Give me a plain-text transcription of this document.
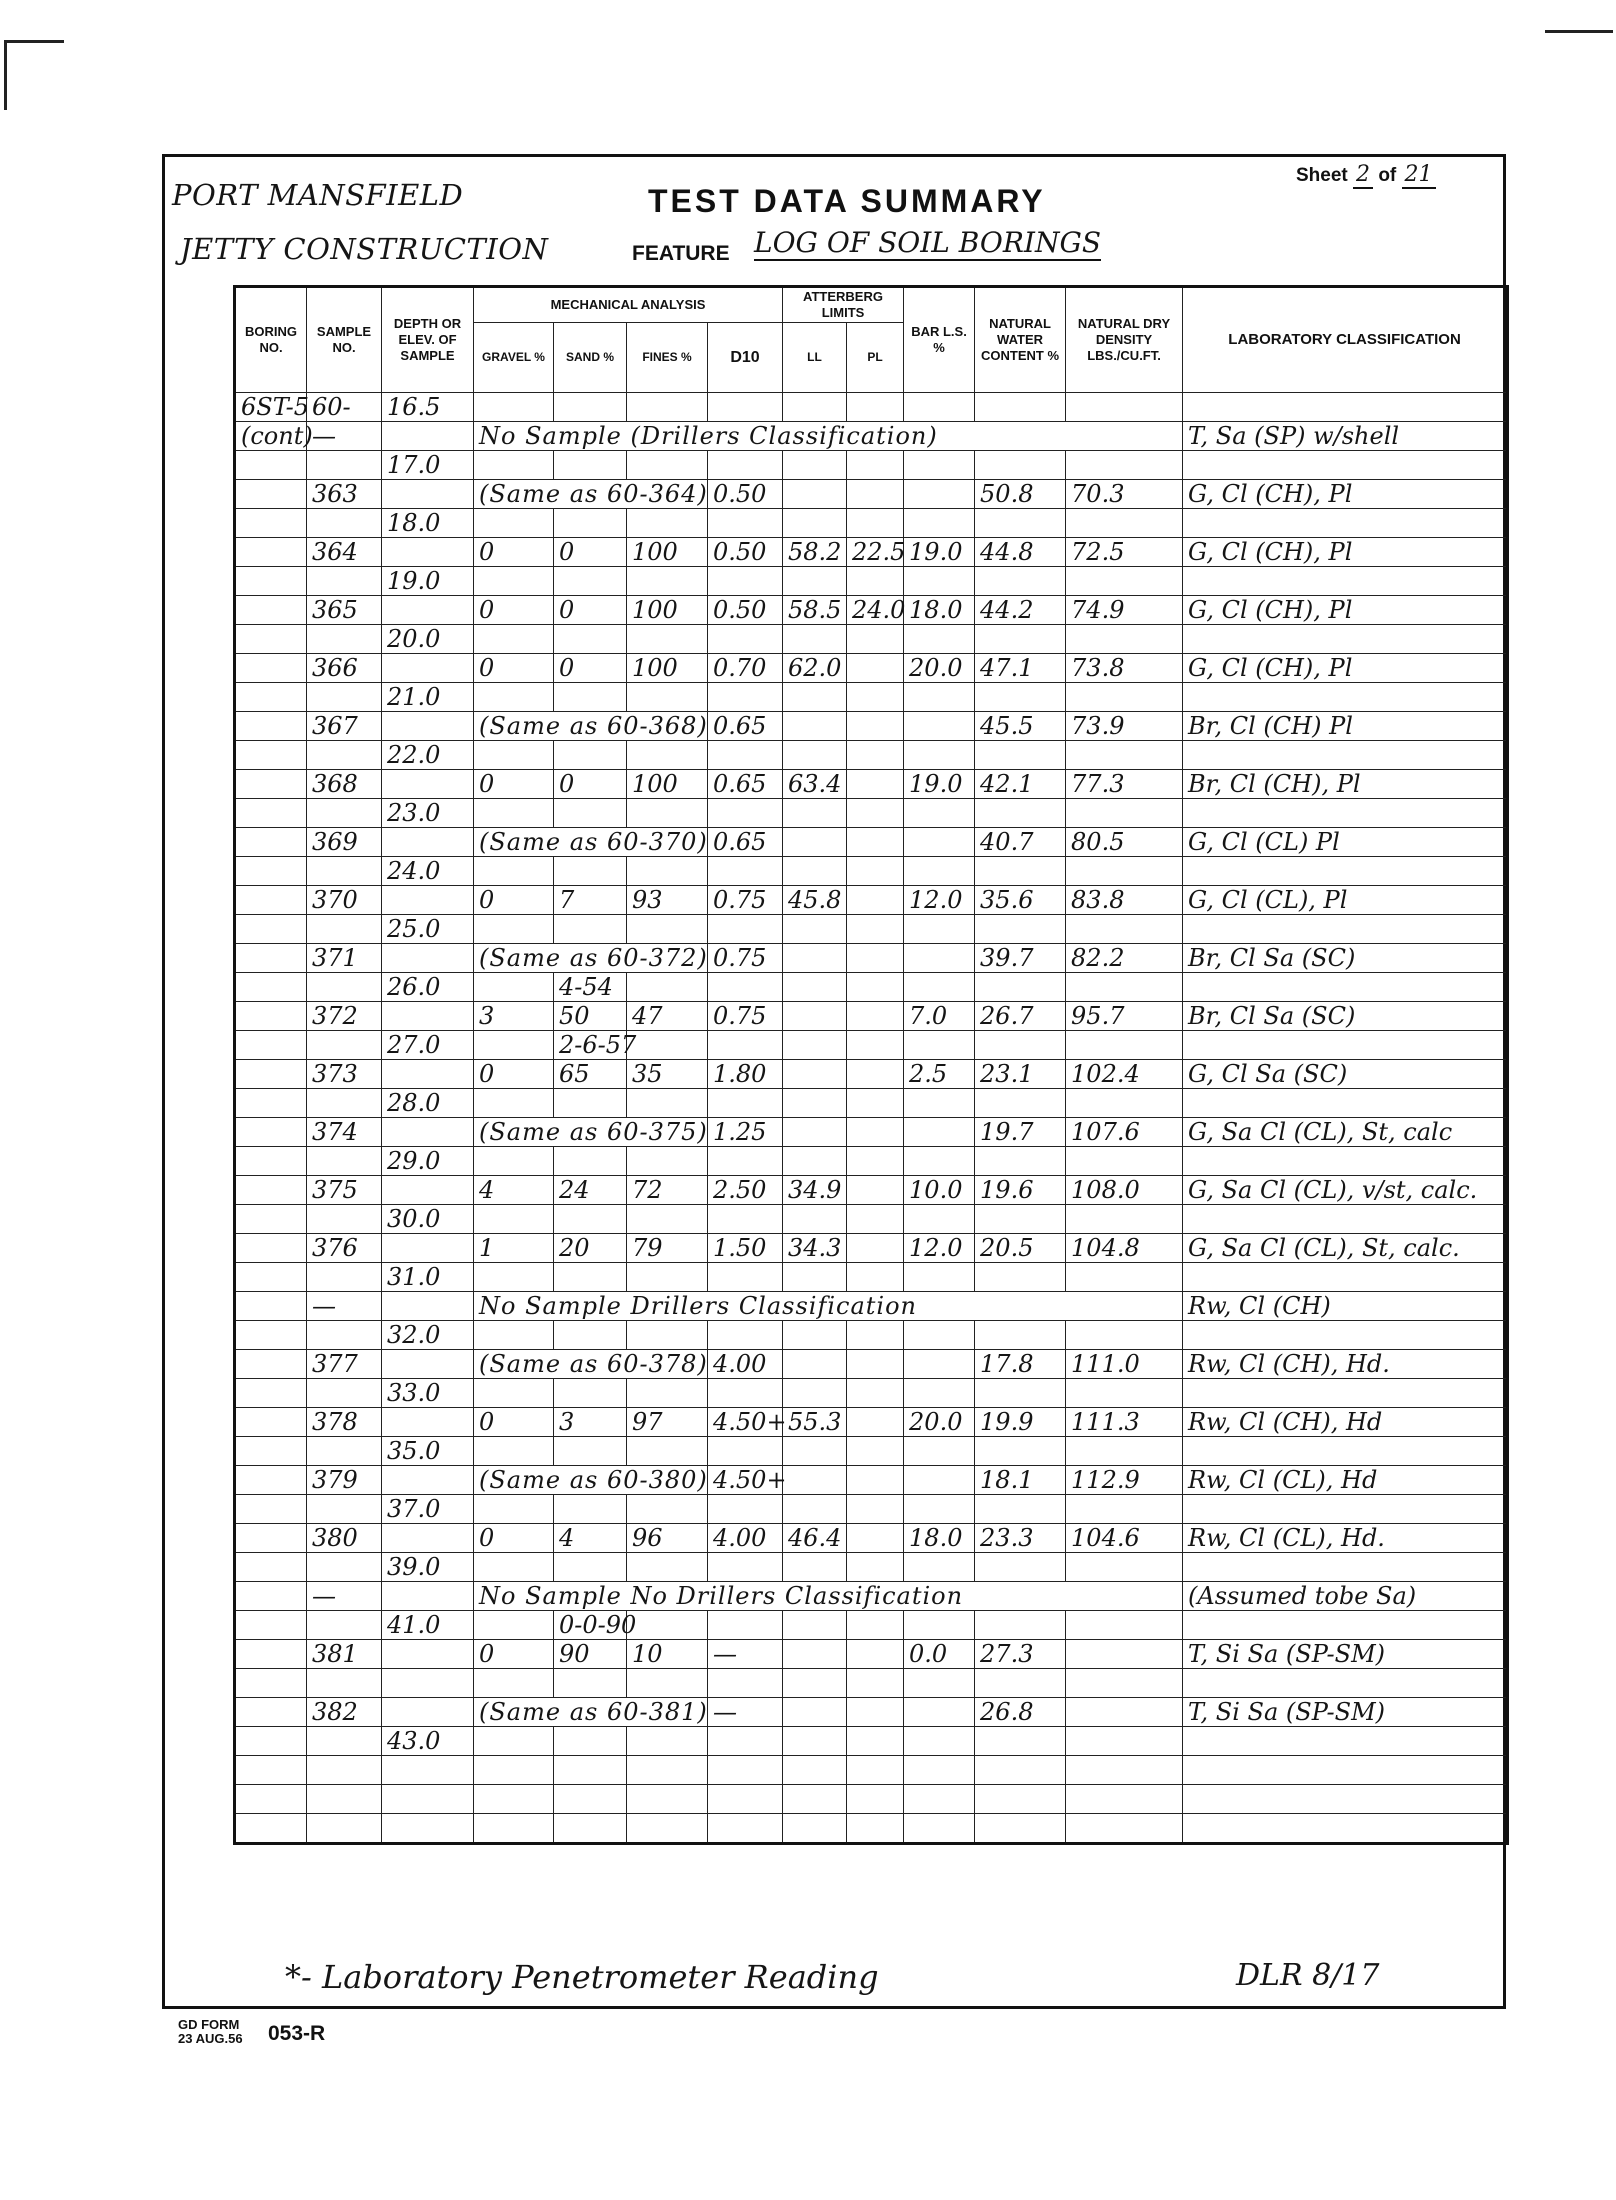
PORT MANSFIELD
JETTY CONSTRUCTION
TEST DATA SUMMARY
Sheet 2 of 21
FEATURE LOG OF SOIL BORINGS
BORING NO.	SAMPLE NO.	DEPTH OR ELEV. OF SAMPLE	MECHANICAL ANALYSIS				ATTERBERG LIMITS		BAR L.S. %	NATURAL WATER CONTENT %	NATURAL DRY DENSITY LBS./CU.FT.	LABORATORY CLASSIFICATION
			GRAVEL %	SAND %	FINES %	D10	LL	PL				
6ST-5	60-	16.5										
(cont)	—		No Sample (Drillers Classification)									T, Sa (SP) w/shell
		17.0										
	363		(Same as 60-364)			0.50				50.8	70.3	G, Cl (CH), Pl
		18.0										
	364		0	0	100	0.50	58.2	22.5	19.0	44.8	72.5	G, Cl (CH), Pl
		19.0										
	365		0	0	100	0.50	58.5	24.0	18.0	44.2	74.9	G, Cl (CH), Pl
		20.0										
	366		0	0	100	0.70	62.0		20.0	47.1	73.8	G, Cl (CH), Pl
		21.0										
	367		(Same as 60-368)			0.65				45.5	73.9	Br, Cl (CH) Pl
		22.0										
	368		0	0	100	0.65	63.4		19.0	42.1	77.3	Br, Cl (CH), Pl
		23.0										
	369		(Same as 60-370)			0.65				40.7	80.5	G, Cl (CL) Pl
		24.0										
	370		0	7	93	0.75	45.8		12.0	35.6	83.8	G, Cl (CL), Pl
		25.0										
	371		(Same as 60-372)			0.75				39.7	82.2	Br, Cl Sa (SC)
		26.0		4-54								
	372		3	50	47	0.75			7.0	26.7	95.7	Br, Cl Sa (SC)
		27.0		2-6-57								
	373		0	65	35	1.80			2.5	23.1	102.4	G, Cl Sa (SC)
		28.0										
	374		(Same as 60-375)			1.25				19.7	107.6	G, Sa Cl (CL), St, calc
		29.0										
	375		4	24	72	2.50	34.9		10.0	19.6	108.0	G, Sa Cl (CL), v/st, calc.
		30.0										
	376		1	20	79	1.50	34.3		12.0	20.5	104.8	G, Sa Cl (CL), St, calc.
		31.0										
	—		No Sample Drillers Classification									Rw, Cl (CH)
		32.0										
	377		(Same as 60-378)			4.00				17.8	111.0	Rw, Cl (CH), Hd.
		33.0										
	378		0	3	97	4.50+	55.3		20.0	19.9	111.3	Rw, Cl (CH), Hd
		35.0										
	379		(Same as 60-380)			4.50+				18.1	112.9	Rw, Cl (CL), Hd
		37.0										
	380		0	4	96	4.00	46.4		18.0	23.3	104.6	Rw, Cl (CL), Hd.
		39.0										
	—		No Sample No Drillers Classification									(Assumed tobe Sa)
		41.0		0-0-90								
	381		0	90	10	—			0.0	27.3		T, Si Sa (SP-SM)

	382		(Same as 60-381)			—				26.8		T, Si Sa (SP-SM)
		43.0										

*- Laboratory Penetrometer Reading	DLR 8/17
GD FORM
23 AUG.56 053-R
